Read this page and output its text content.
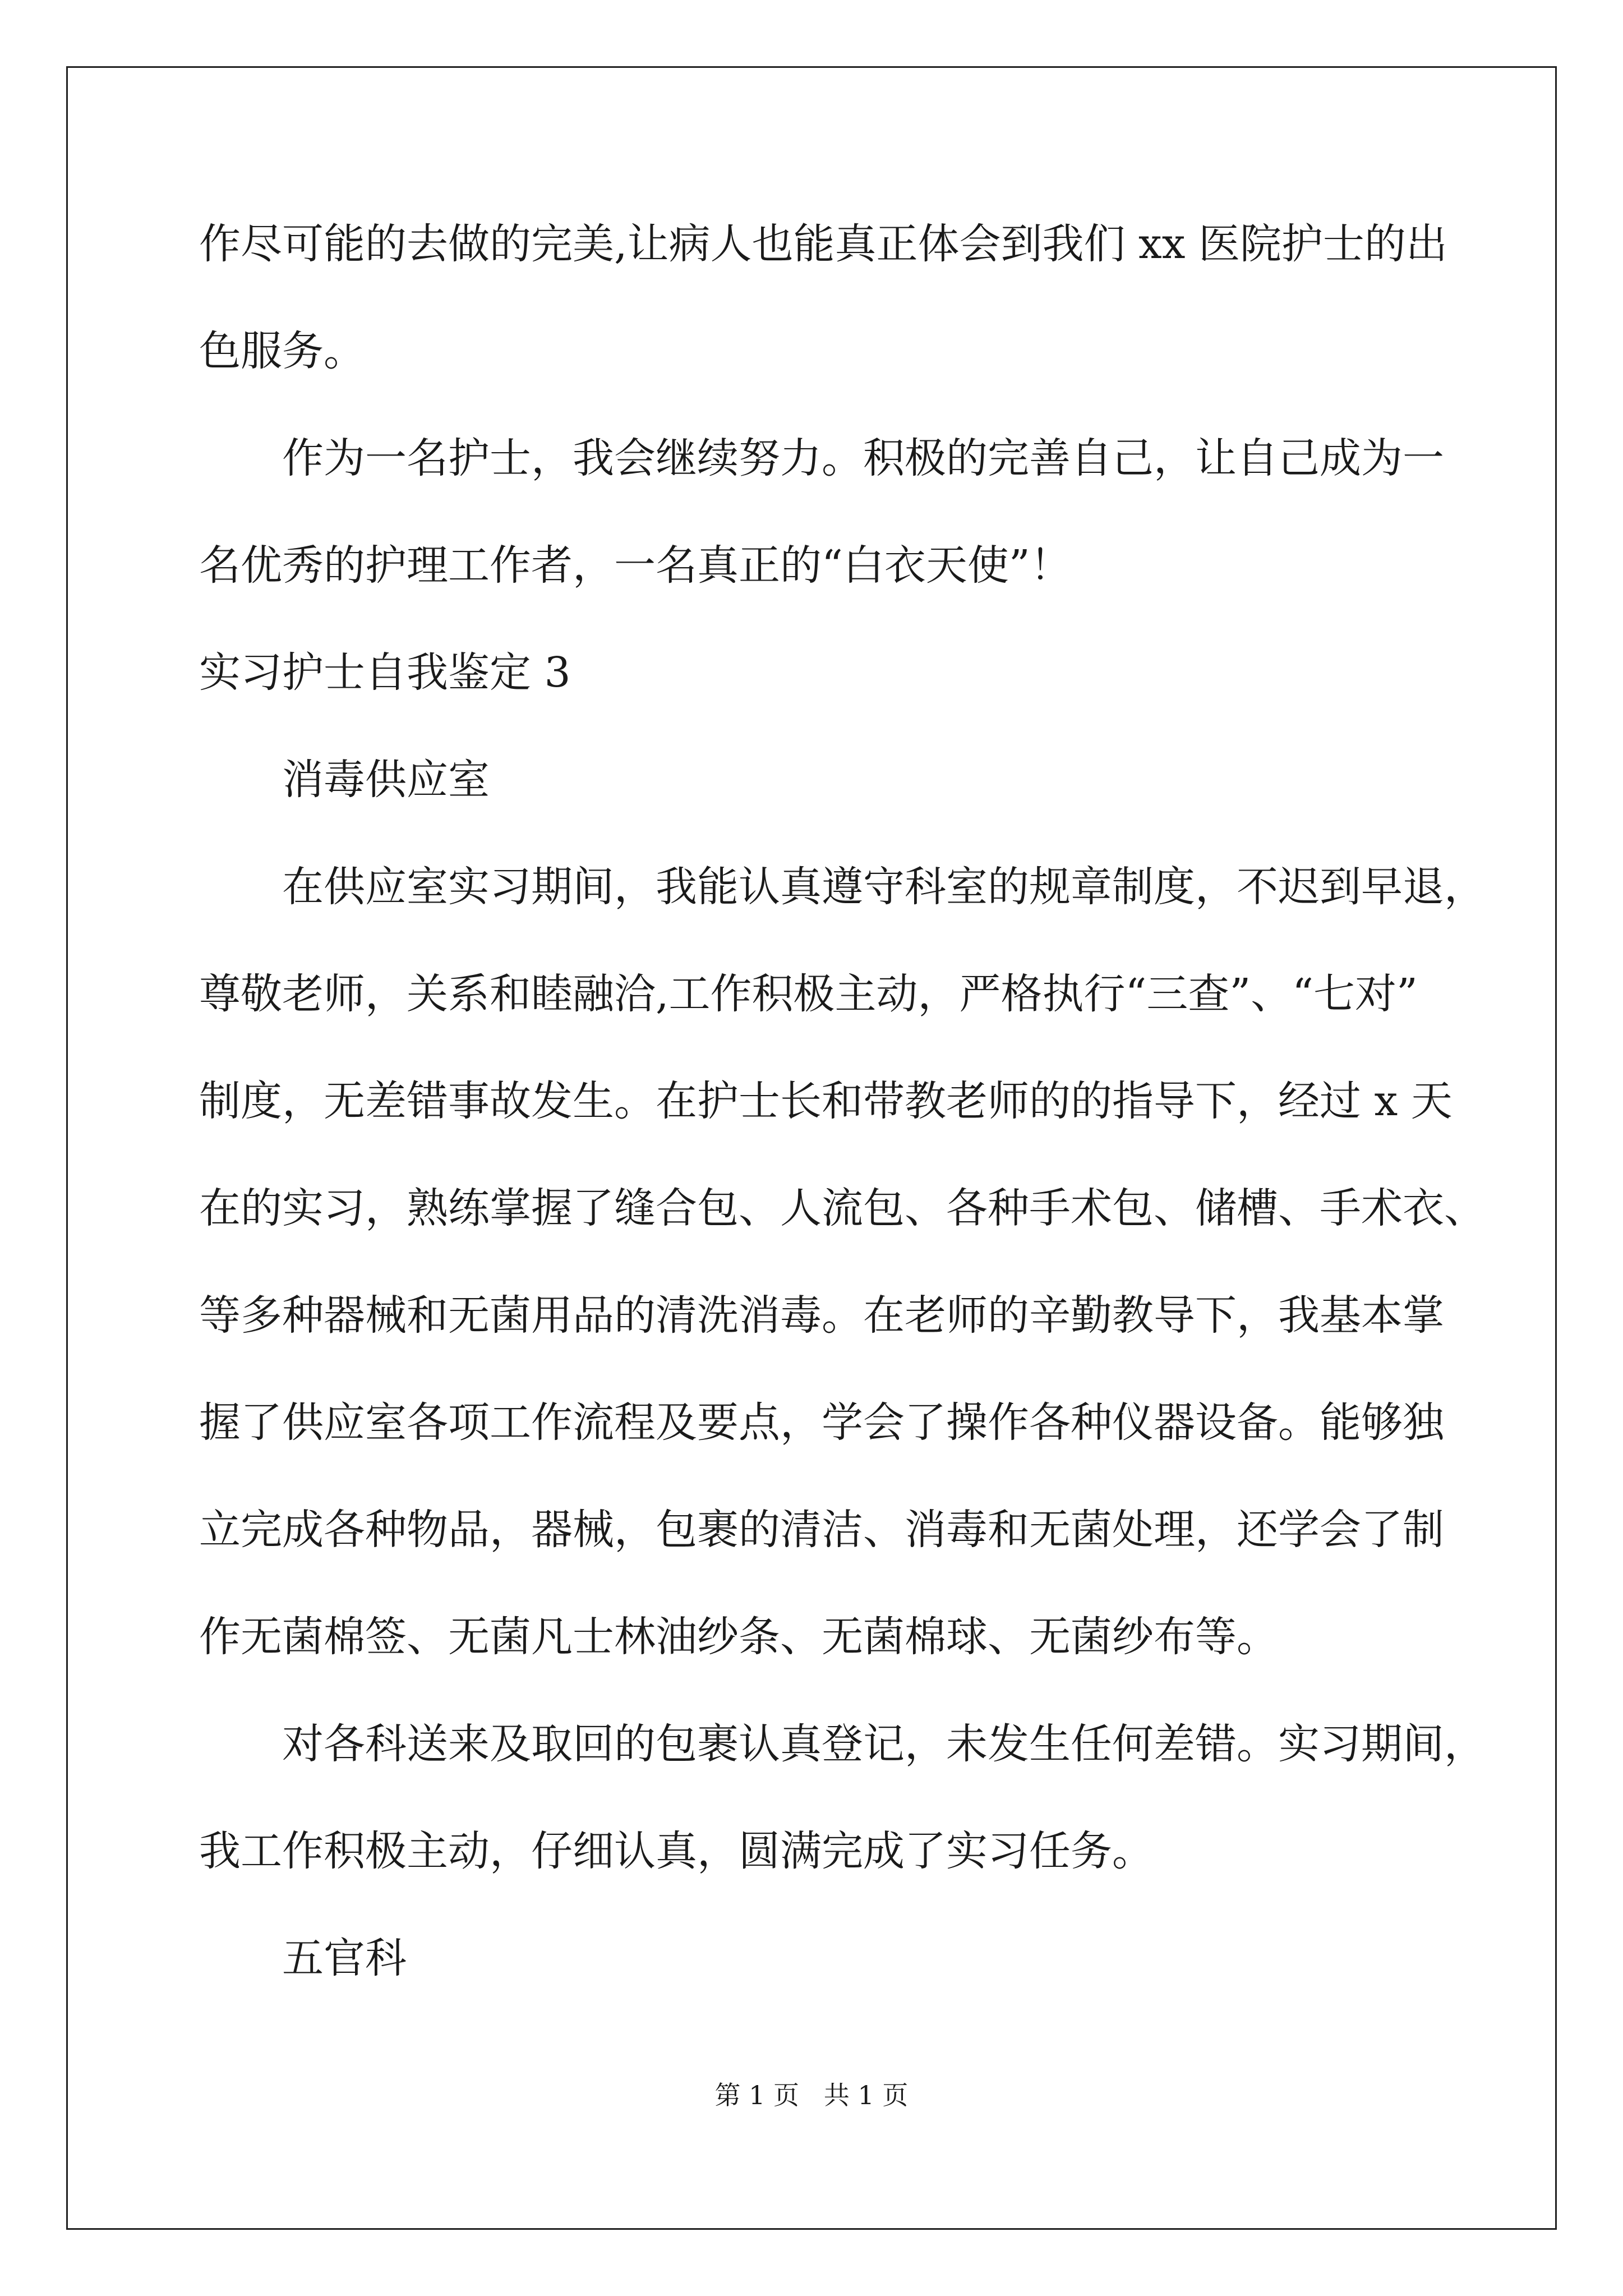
作尽可能的去做的完美,让病人也能真正体会到我们 xx 医院护士的出
色服务。
作为一名护士，我会继续努力。积极的完善自己，让自己成为一
名优秀的护理工作者，一名真正的“白衣天使”！
实习护士自我鉴定 3
消毒供应室
在供应室实习期间，我能认真遵守科室的规章制度，不迟到早退，
尊敬老师，关系和睦融洽,工作积极主动，严格执行“三查”、“七对”
制度，无差错事故发生。在护士长和带教老师的的指导下，经过 x 天
在的实习，熟练掌握了缝合包、人流包、各种手术包、储槽、手术衣、
等多种器械和无菌用品的清洗消毒。在老师的辛勤教导下，我基本掌
握了供应室各项工作流程及要点，学会了操作各种仪器设备。能够独
立完成各种物品，器械，包裹的清洁、消毒和无菌处理，还学会了制
作无菌棉签、无菌凡士林油纱条、无菌棉球、无菌纱布等。
对各科送来及取回的包裹认真登记，未发生任何差错。实习期间，
我工作积极主动，仔细认真，圆满完成了实习任务。
五官科
第 1 页   共 1 页
